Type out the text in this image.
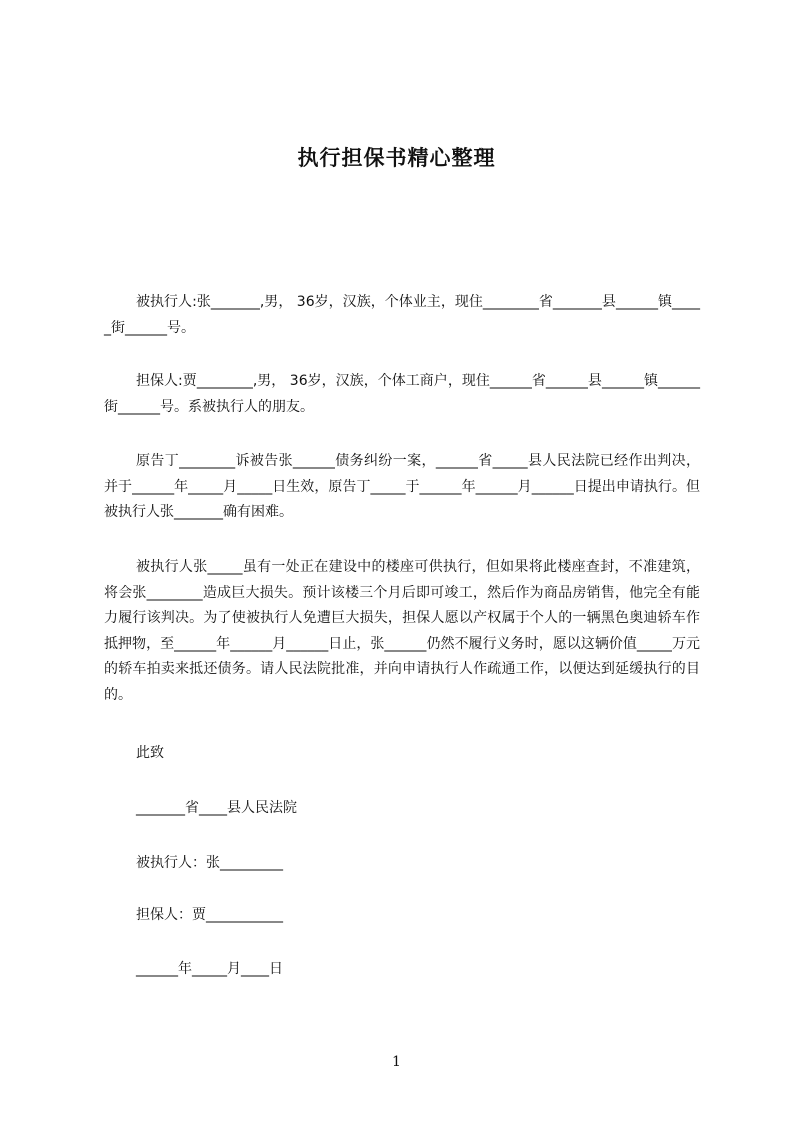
执行担保书精心整理

被执行人:张_______,男， 36岁，汉族，个体业主，现住________省_______县______镇_____街______号。

担保人:贾________,男， 36岁，汉族，个体工商户，现住______省______县______镇______街______号。系被执行人的朋友。

原告丁________诉被告张______债务纠纷一案，______省_____县人民法院已经作出判决，并于______年_____月_____日生效，原告丁_____于______年______月______日提出申请执行。但被执行人张_______确有困难。

被执行人张_____虽有一处正在建设中的楼座可供执行，但如果将此楼座查封，不准建筑，将会张________造成巨大损失。预计该楼三个月后即可竣工，然后作为商品房销售，他完全有能力履行该判决。为了使被执行人免遭巨大损失，担保人愿以产权属于个人的一辆黑色奥迪轿车作抵押物，至______年______月______日止，张______仍然不履行义务时，愿以这辆价值_____万元的轿车拍卖来抵还债务。请人民法院批准，并向申请执行人作疏通工作，以便达到延缓执行的目的。

此致
_______省____县人民法院
被执行人：张_________
担保人：贾___________
______年_____月____日
1
